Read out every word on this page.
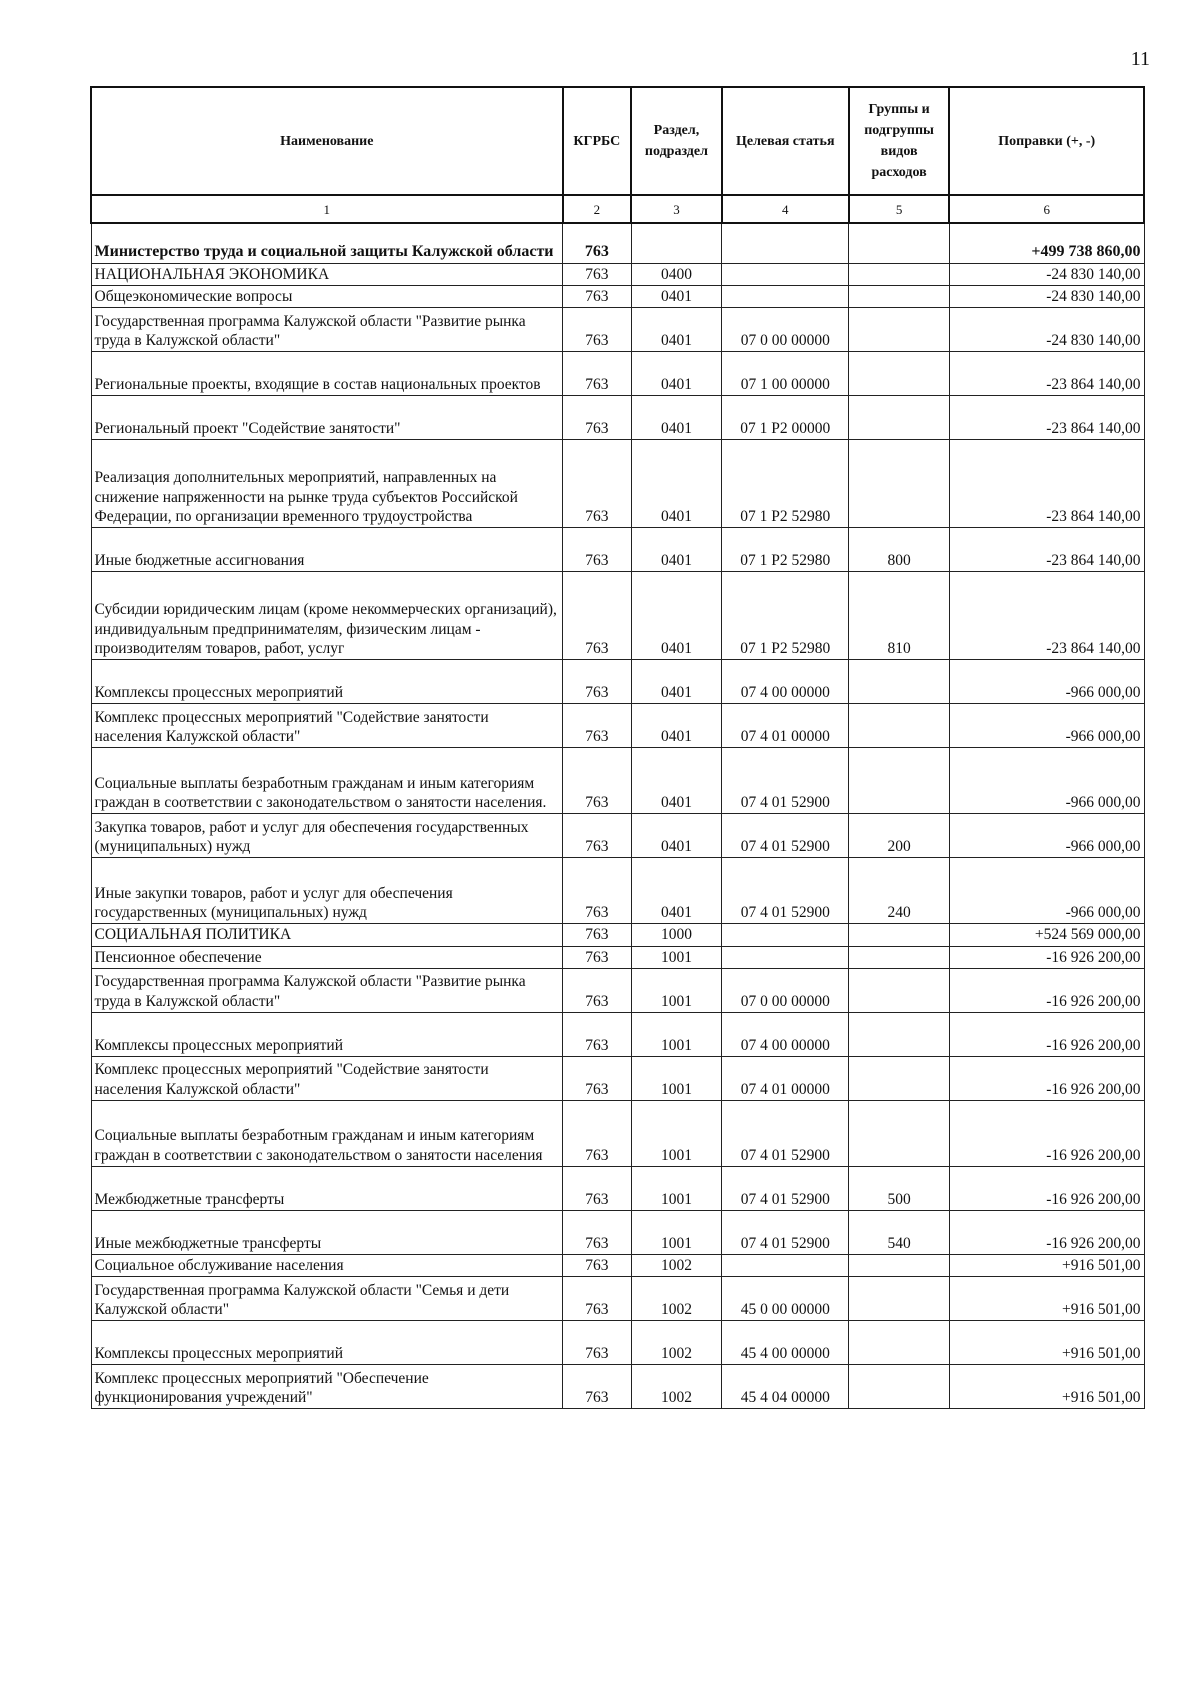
11
Наименование	КГРБС	Раздел, подраздел	Целевая статья	Группы и подгруппы видов расходов	Поправки (+, -)
1	2	3	4	5	6
Министерство труда и социальной защиты Калужской области	763				+499 738 860,00
НАЦИОНАЛЬНАЯ ЭКОНОМИКА	763	0400			-24 830 140,00
Общеэкономические вопросы	763	0401			-24 830 140,00
Государственная программа Калужской области "Развитие рынка труда в Калужской области"	763	0401	07 0 00 00000		-24 830 140,00
Региональные проекты, входящие в состав национальных проектов	763	0401	07 1 00 00000		-23 864 140,00
Региональный проект "Содействие занятости"	763	0401	07 1 P2 00000		-23 864 140,00
Реализация дополнительных мероприятий, направленных на снижение напряженности на рынке труда субъектов Российской Федерации, по организации временного трудоустройства	763	0401	07 1 P2 52980		-23 864 140,00
Иные бюджетные ассигнования	763	0401	07 1 P2 52980	800	-23 864 140,00
Субсидии юридическим лицам (кроме некоммерческих организаций), индивидуальным предпринимателям, физическим лицам - производителям товаров, работ, услуг	763	0401	07 1 P2 52980	810	-23 864 140,00
Комплексы процессных мероприятий	763	0401	07 4 00 00000		-966 000,00
Комплекс процессных мероприятий "Содействие занятости населения Калужской области"	763	0401	07 4 01 00000		-966 000,00
Социальные выплаты безработным гражданам и иным категориям граждан в соответствии с законодательством о занятости населения.	763	0401	07 4 01 52900		-966 000,00
Закупка товаров, работ и услуг для обеспечения государственных (муниципальных) нужд	763	0401	07 4 01 52900	200	-966 000,00
Иные закупки товаров, работ и услуг для обеспечения государственных (муниципальных) нужд	763	0401	07 4 01 52900	240	-966 000,00
СОЦИАЛЬНАЯ ПОЛИТИКА	763	1000			+524 569 000,00
Пенсионное обеспечение	763	1001			-16 926 200,00
Государственная программа Калужской области "Развитие рынка труда в Калужской области"	763	1001	07 0 00 00000		-16 926 200,00
Комплексы процессных мероприятий	763	1001	07 4 00 00000		-16 926 200,00
Комплекс процессных мероприятий "Содействие занятости населения Калужской области"	763	1001	07 4 01 00000		-16 926 200,00
Социальные выплаты безработным гражданам и иным категориям граждан в соответствии с законодательством о занятости населения	763	1001	07 4 01 52900		-16 926 200,00
Межбюджетные трансферты	763	1001	07 4 01 52900	500	-16 926 200,00
Иные межбюджетные трансферты	763	1001	07 4 01 52900	540	-16 926 200,00
Социальное обслуживание населения	763	1002			+916 501,00
Государственная программа Калужской области "Семья и дети Калужской области"	763	1002	45 0 00 00000		+916 501,00
Комплексы процессных мероприятий	763	1002	45 4 00 00000		+916 501,00
Комплекс процессных мероприятий "Обеспечение функционирования учреждений"	763	1002	45 4 04 00000		+916 501,00
